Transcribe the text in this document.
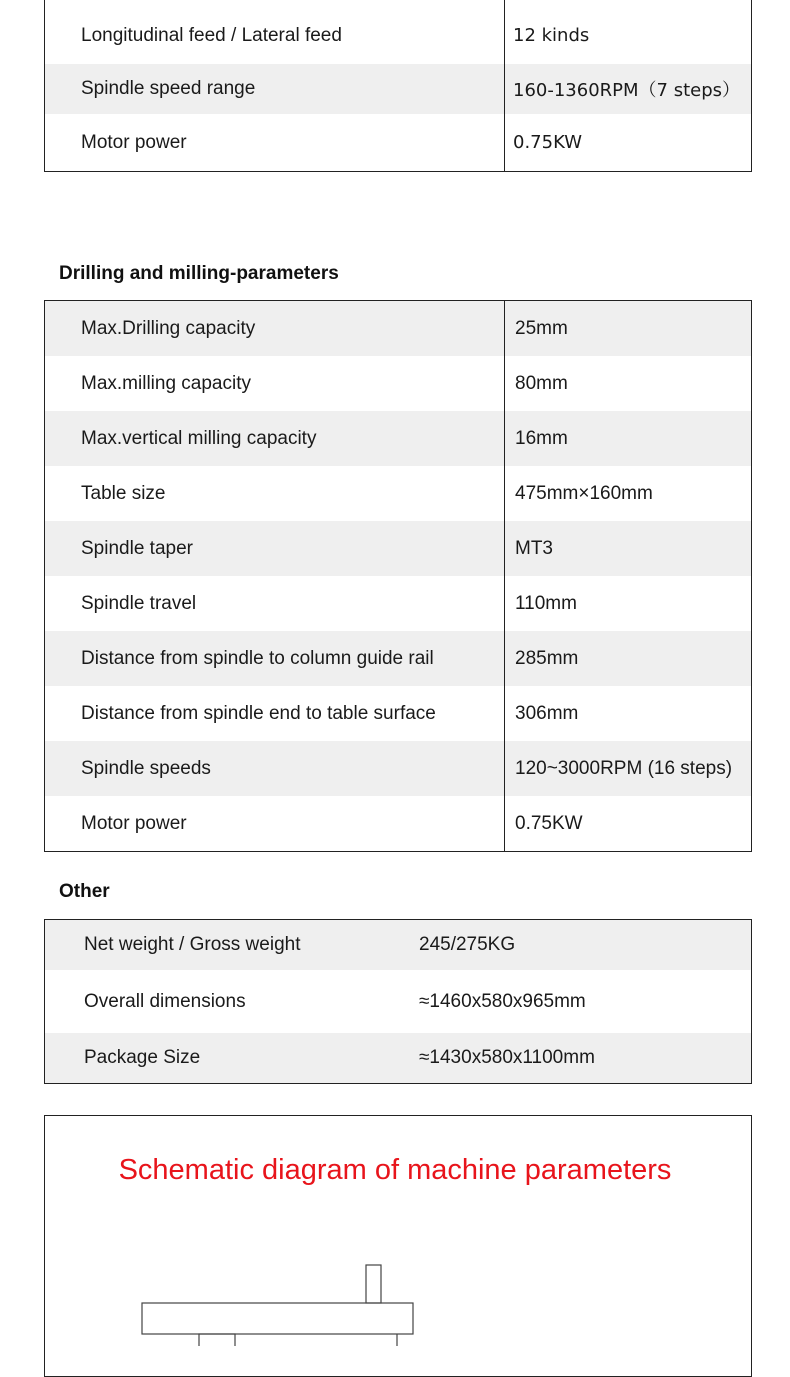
Longitudinal feed / Lateral feed	12 kinds
Spindle speed range	160-1360RPM（7 steps）
Motor power	0.75KW
Drilling and milling-parameters
Max.Drilling capacity	25mm
Max.milling capacity	80mm
Max.vertical milling capacity	16mm
Table size	475mm×160mm
Spindle taper	MT3
Spindle travel	110mm
Distance from spindle to column guide rail	285mm
Distance from spindle end to table surface	306mm
Spindle speeds	120~3000RPM (16 steps)
Motor power	0.75KW
Other
Net weight / Gross weight	245/275KG
Overall dimensions	≈1460x580x965mm
Package Size	≈1430x580x1100mm
Schematic diagram of machine parameters
